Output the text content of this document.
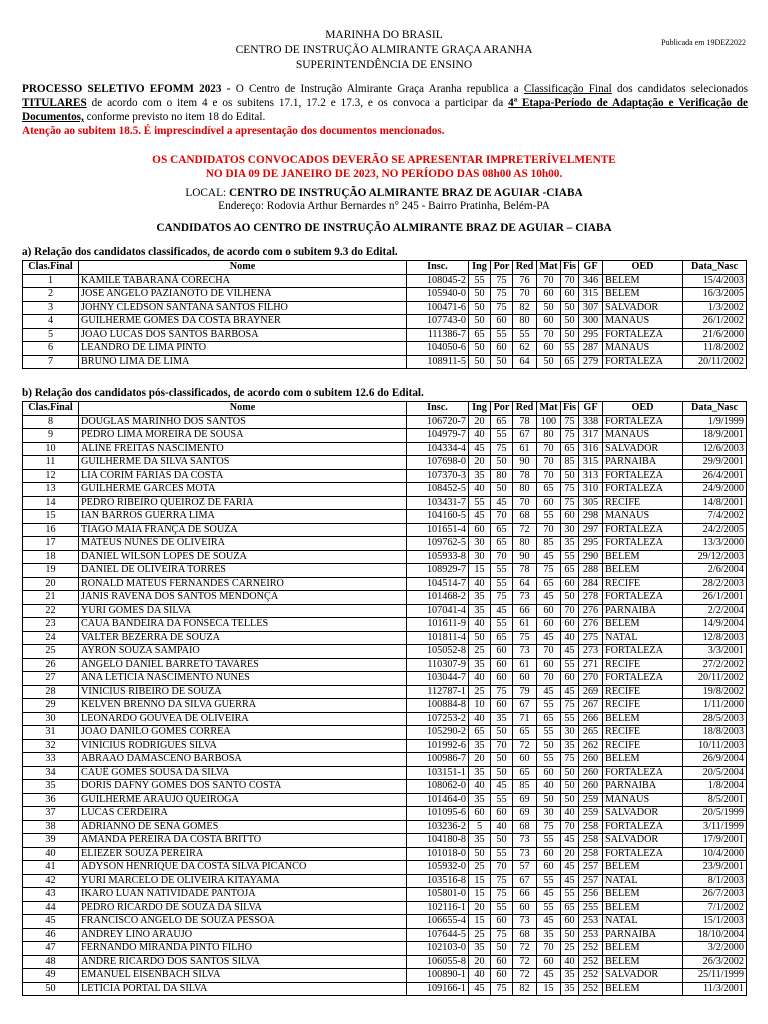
MARINHA DO BRASIL
CENTRO DE INSTRUÇÃO ALMIRANTE GRAÇA ARANHA
SUPERINTENDÊNCIA DE ENSINO
Publicada em 19DEZ2022
PROCESSO SELETIVO EFOMM 2023 - O Centro de Instrução Almirante Graça Aranha republica a Classificação Final dos candidatos selecionados TITULARES de acordo com o item 4 e os subitens 17.1, 17.2 e 17.3, e os convoca a participar da 4ª Etapa-Período de Adaptação e Verificação de Documentos, conforme previsto no item 18 do Edital.
Atenção ao subitem 18.5. É imprescindível a apresentação dos documentos mencionados.
OS CANDIDATOS CONVOCADOS DEVERÃO SE APRESENTAR IMPRETERÍVELMENTE
NO DIA 09 DE JANEIRO DE 2023, NO PERÍODO DAS 08h00 AS 10h00.
LOCAL: CENTRO DE INSTRUÇÃO ALMIRANTE BRAZ DE AGUIAR -CIABA
Endereço: Rodovia Arthur Bernardes n° 245 - Bairro Pratinha, Belém-PA
CANDIDATOS AO CENTRO DE INSTRUÇÃO ALMIRANTE BRAZ DE AGUIAR – CIABA
a) Relação dos candidatos classificados, de acordo com o subitem 9.3 do Edital.
Clas.Final	Nome	Insc.	Ing	Por	Red	Mat	Fis	GF	OED	Data_Nasc
1	KAMILE TABARANÃ CORECHA	108045-2	55	75	76	70	70	346	BELEM	15/4/2003
2	JOSE ANGELO PAZIANOTO DE VILHENA	105940-0	50	75	70	60	60	315	BELEM	16/3/2005
3	JOHNY CLEDSON SANTANA SANTOS FILHO	100471-6	50	75	82	50	50	307	SALVADOR	1/3/2002
4	GUILHERME GOMES DA COSTA BRAYNER	107743-0	50	60	80	60	50	300	MANAUS	26/1/2002
5	JOAO LUCAS DOS SANTOS BARBOSA	111386-7	65	55	55	70	50	295	FORTALEZA	21/6/2000
6	LEANDRO DE LIMA PINTO	104050-6	50	60	62	60	55	287	MANAUS	11/8/2002
7	BRUNO LIMA DE LIMA	108911-5	50	50	64	50	65	279	FORTALEZA	20/11/2002
b) Relação dos candidatos pós-classificados, de acordo com o subitem 12.6 do Edital.
Clas.Final	Nome	Insc.	Ing	Por	Red	Mat	Fis	GF	OED	Data_Nasc
8	DOUGLAS MARINHO DOS SANTOS	106720-7	20	65	78	100	75	338	FORTALEZA	1/9/1999
9	PEDRO LIMA MOREIRA DE SOUSA	104979-7	40	55	67	80	75	317	MANAUS	18/9/2001
10	ALINE FREITAS NASCIMENTO	104334-4	45	75	61	70	65	316	SALVADOR	12/6/2003
11	GUILHERME DA SILVA SANTOS	107698-0	20	50	90	70	85	315	PARNAIBA	29/9/2001
12	LIA CORIM FARIAS DA COSTA	107370-3	35	80	78	70	50	313	FORTALEZA	26/4/2001
13	GUILHERME GARCES MOTA	108452-5	40	50	80	65	75	310	FORTALEZA	24/9/2000
14	PEDRO RIBEIRO QUEIROZ DE FARIA	103431-7	55	45	70	60	75	305	RECIFE	14/8/2001
15	IAN BARROS GUERRA LIMA	104160-5	45	70	68	55	60	298	MANAUS	7/4/2002
16	TIAGO MAIA FRANÇA DE SOUZA	101651-4	60	65	72	70	30	297	FORTALEZA	24/2/2005
17	MATEUS NUNES DE OLIVEIRA	109762-5	30	65	80	85	35	295	FORTALEZA	13/3/2000
18	DANIEL WILSON LOPES DE SOUZA	105933-8	30	70	90	45	55	290	BELEM	29/12/2003
19	DANIEL DE OLIVEIRA TORRES	108929-7	15	55	78	75	65	288	BELEM	2/6/2004
20	RONALD MATEUS FERNANDES CARNEIRO	104514-7	40	55	64	65	60	284	RECIFE	28/2/2003
21	JANIS RAVENA DOS SANTOS MENDONÇA	101468-2	35	75	73	45	50	278	FORTALEZA	26/1/2001
22	YURI GOMES DA SILVA	107041-4	35	45	66	60	70	276	PARNAIBA	2/2/2004
23	CAUA BANDEIRA DA FONSECA TELLES	101611-9	40	55	61	60	60	276	BELEM	14/9/2004
24	VALTER BEZERRA DE SOUZA	101811-4	50	65	75	45	40	275	NATAL	12/8/2003
25	AYRON SOUZA SAMPAIO	105052-8	25	60	73	70	45	273	FORTALEZA	3/3/2001
26	ANGELO DANIEL BARRETO TAVARES	110307-9	35	60	61	60	55	271	RECIFE	27/2/2002
27	ANA LETICIA NASCIMENTO NUNES	103044-7	40	60	60	70	60	270	FORTALEZA	20/11/2002
28	VINICIUS RIBEIRO DE SOUZA	112787-1	25	75	79	45	45	269	RECIFE	19/8/2002
29	KELVEN BRENNO DA SILVA GUERRA	100884-8	10	60	67	55	75	267	RECIFE	1/11/2000
30	LEONARDO GOUVEA DE OLIVEIRA	107253-2	40	35	71	65	55	266	BELEM	28/5/2003
31	JOAO DANILO GOMES CORREA	105290-2	65	50	65	55	30	265	RECIFE	18/8/2003
32	VINÍCIUS RODRIGUES SILVA	101992-6	35	70	72	50	35	262	RECIFE	10/11/2003
33	ABRAAO DAMASCENO BARBOSA	100986-7	20	50	60	55	75	260	BELEM	26/9/2004
34	CAUÊ GOMES SOUSA DA SILVA	103151-1	35	50	65	60	50	260	FORTALEZA	20/5/2004
35	DORIS DAFNY GOMES DOS SANTO COSTA	108062-0	40	45	85	40	50	260	PARNAIBA	1/8/2004
36	GUILHERME ARAUJO QUEIROGA	101464-0	35	55	69	50	50	259	MANAUS	8/5/2001
37	LUCAS CERDEIRA	101095-6	60	60	69	30	40	259	SALVADOR	20/5/1999
38	ADRIANNO DE SENA GOMES	103236-2	5	40	68	75	70	258	FORTALEZA	3/11/1999
39	AMANDA PEREIRA DA COSTA BRITTO	104180-8	35	50	73	55	45	258	SALVADOR	17/9/2001
40	ELIEZER SOUZA PEREIRA	101018-0	50	55	73	60	20	258	FORTALEZA	10/4/2000
41	ADYSON HENRIQUE DA COSTA SILVA PICANCO	105932-0	25	70	57	60	45	257	BELEM	23/9/2001
42	YURI MARCELO DE OLIVEIRA KITAYAMA	103516-8	15	75	67	55	45	257	NATAL	8/1/2003
43	IKARO LUAN NATIVIDADE PANTOJA	105801-0	15	75	66	45	55	256	BELEM	26/7/2003
44	PEDRO RICARDO DE SOUZA DA SILVA	102116-1	20	55	60	55	65	255	BELEM	7/1/2002
45	FRANCISCO ANGELO DE SOUZA PESSOA	106655-4	15	60	73	45	60	253	NATAL	15/1/2003
46	ANDREY LINO ARAUJO	107644-5	25	75	68	35	50	253	PARNAIBA	18/10/2004
47	FERNANDO MIRANDA PINTO FILHO	102103-0	35	50	72	70	25	252	BELEM	3/2/2000
48	ANDRE RICARDO DOS SANTOS SILVA	106055-8	20	60	72	60	40	252	BELEM	26/3/2002
49	EMANUEL EISENBACH SILVA	100890-1	40	60	72	45	35	252	SALVADOR	25/11/1999
50	LETÍCIA PORTAL DA SILVA	109166-1	45	75	82	15	35	252	BELEM	11/3/2001
